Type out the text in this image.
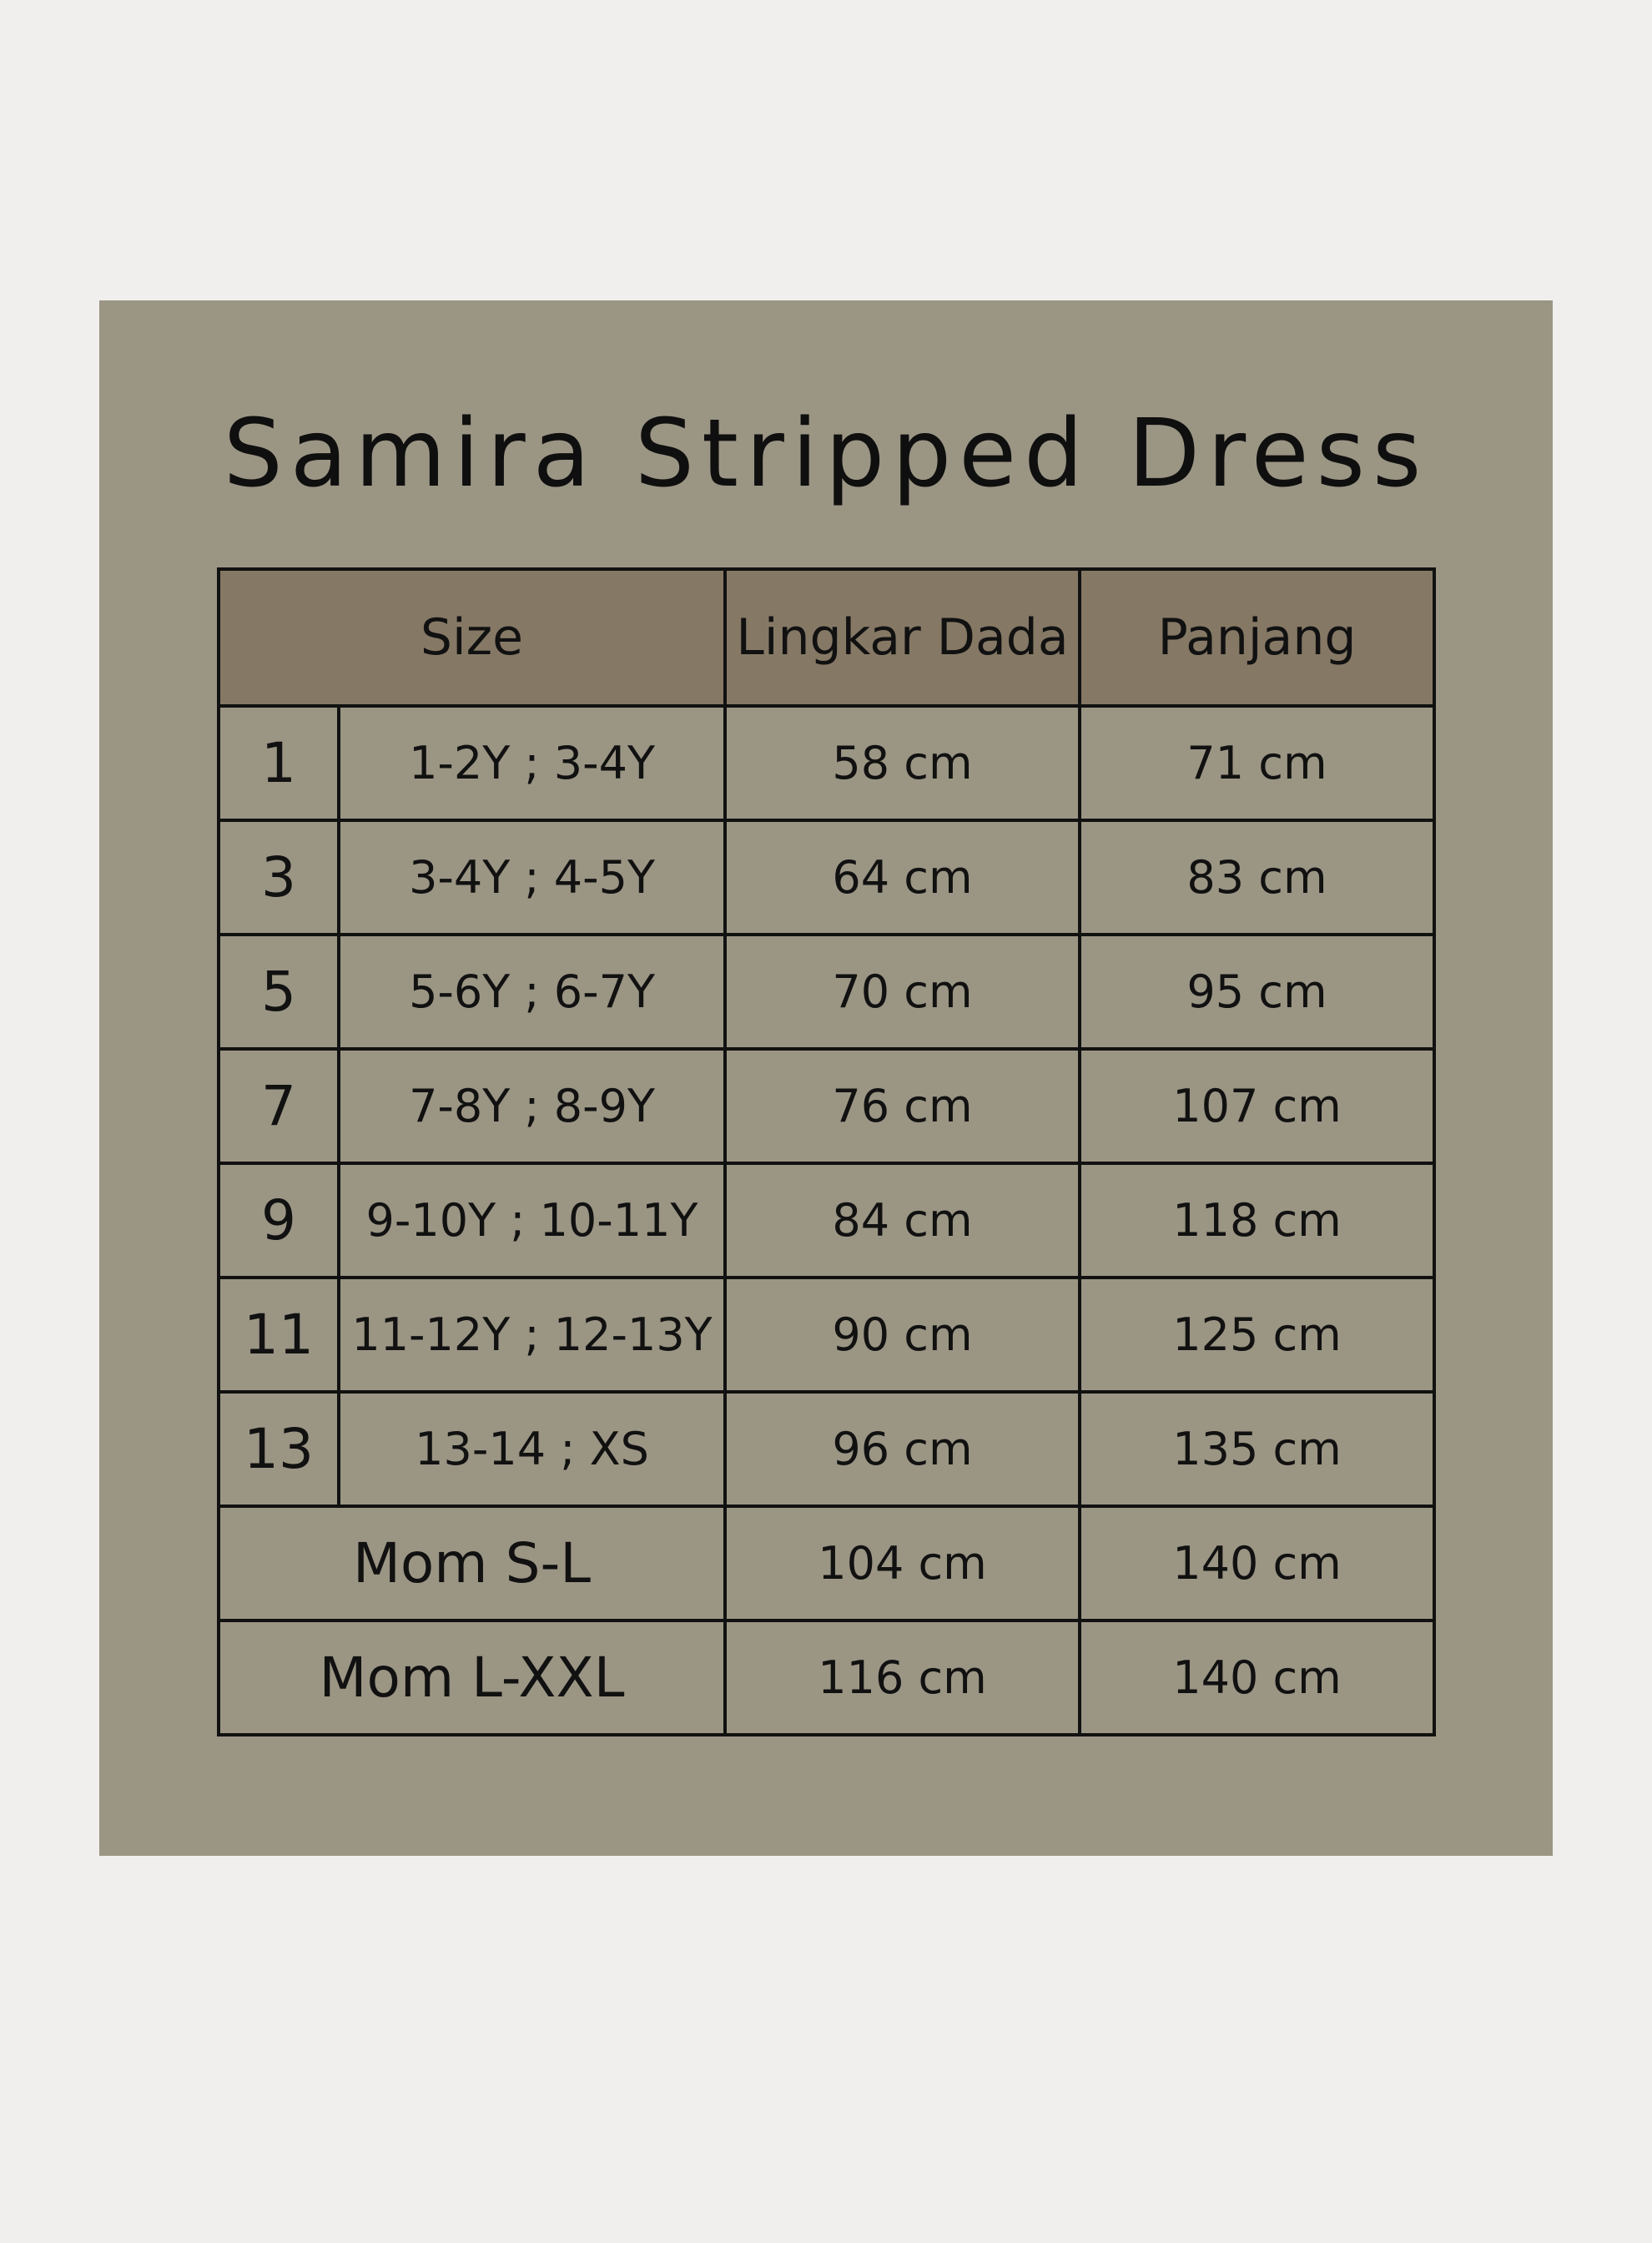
Samira Stripped Dress
Size		Lingkar Dada	Panjang
1	1-2Y ; 3-4Y	58 cm	71 cm
3	3-4Y ; 4-5Y	64 cm	83 cm
5	5-6Y ; 6-7Y	70 cm	95 cm
7	7-8Y ; 8-9Y	76 cm	107 cm
9	9-10Y ; 10-11Y	84 cm	118 cm
11	11-12Y ; 12-13Y	90 cm	125 cm
13	13-14 ; XS	96 cm	135 cm
Mom S-L		104 cm	140 cm
Mom L-XXL		116 cm	140 cm
